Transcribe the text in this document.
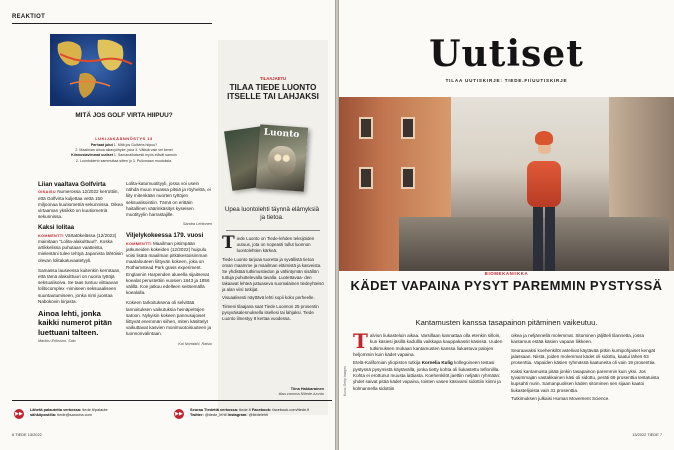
REAKTIOT
MITÄ JOS GOLF VIRTA HIIPUU?
LUKIJAKÄÄNNÖSTYS 13
Parhaat jutut 1. Mitä jos Golfvirta hiipuu?
2. Maailman ainoa aikavyöhyke, joka 3. Välisiä vain vei kenet
Kiinnostavimmat uutiset 1. Samanaikaisesti myös elävät samoin
2. Luontokierto sammuttaa sitten jo 3. Pullomaan muutoksia.
Liian vaaltava Golfvirta

OIKAISU Numerossa 12/2022 kerrottiin, että Golfvirta kuljettaa vettä 150 miljoonaa kuutiometriä sekunnissa. Oikea virtaaman yksikkö on kuutiometriä sekunnissa.

Kaksi lolitaa

KOMMENTTI Värtatökelässa (12/2022) mainitaan "Lolita-alakulttuuri". Koska artikkelissa puhutaan vaatteista, mielestäni tulee tehtyä Japanista lähtöisin olevan lolitakatuvaatetyyli.

Samassa lauseessa kuitenkin kerrotaan, että tämä alakulttuuri on nuoria tyttöjä seksualisoiva. Se taas tuntuu viittaavan lolitocomplex -nimiseen seksuaaliseen suuntautumiseen, jonka nimi juontaa Nabokovin kirjasta.

Ainoa lehti, jonka kaikki numerot pitän luettuani talteen.
Markku Eriksson, Salo

Lolita-katumuotityyli, jossa voi usein nähdä muun muassa pitsiä ja röyhelöä, ei liity mitenkään nuorten tyttöjen seksualisointiin. Tämä on erittäin haitallinen väärinkäsitys kyseisen muotityylin harrastajille.

Sandra Lehtonen
Viljelykokeessa 179. vuosi

KOMMENTTI Maailman pisimpään jatkuneiden kokeiden (12/2022) huipulu voisi lisätä maailman pitkäkestoisimman maatalouteen liittyvän kokeen, joka on Rothamstead Park grass experiment. Englannin Harpenden alueella sijaitsevat koealat perustettiin vuosien 1843 ja 1856 välillä. Koe jatkuu edelleen seitsemällä koealalla.

Kokeen tarkoituksena oli selvittää lannoituksen vaikutuksia heinäpeltojen satoon. Nykyisin kokeen pannusajoiset liittyvät enemmän siihen, miten käsittelyt vaikuttavat kasvien monimuotoisuuteen ja luonnonvalintaan.

Kai Norrdahl, Raisio
TILAAJAETU
TILAA TIEDE LUONTO ITSELLE TAI LAHJAKSI
Luonto
Upea luontolehti täynnä elämyksiä ja tietoa.

Tiede Luonto on Tiede-lehden teksijöiden uutuus, jota on nopeasti tullut luonnon luontolehtien kärkeä.

Tiede Luonto tarjoaa tuoretta ja syvällistä tietoa oman maamme ja maailman eläimistä ja kasveista. Se yhdistää tutkimustiedon ja vähintymän sisällön tuttuja puhuttelevalla tavalla. Luotettavaa- den takaavat lehteä juttuaseva suomalainen tiedeyhteisö ja alan viisi tutkijat.

Visuaalisesti näyttävä lehti sopii koko perheelle.

Tiimeni tilaajana saat Tiede Luonnon 25 prosentin pysyväisalennuksella itsellesi tai lahjaksi. Tiede Luonto ilmestyy 8 kertaa vuodessa.

Tiina Hakkarainen
tilaa zamma.fi/tiede-luonto
▶▶
Lähetä palautetta verkossa: tiede.fi/palaute
sähköpostilla: tiede@sanoma.com	▶▶
Seuraa Tiedettä verkossa: tiede.fi Facebook: facebook.com/tiede.fi
Twitter: @tiede_lehti Instagram: @tiedelehti
6 TIEDE 13/2022
Uutiset
TILAA UUTISKIRJE: TIEDE.FI/UUTISKIRJE
Kuva: Getty Images
BIOMEKANIIKKA
KÄDET VAPAINA PYSYT PAREMMIN PYSTYSSÄ
Kantamusten kanssa tasapainon pitäminen vaikeutuu.

Talvion liukasteluin aikaa. Varsillaan kannattaa olla etenkin silloin, kun käsiesi jäsillä kadullla vaikkapa kauppakassit käsissä. Uuden tutkimuksen mukaan kantamusten kanssa liukastuva palojen heljommin kuin kädet vapaina.

Etelä-Kalifornian yliopiston tutkija Kornelia Kulig kollegoineen testasi pystyssä pysymistä käytävällä, jonka tietty kohta oli liukastettu teflonillla. Kohta ei erottunut muusta lattiasta. Koehenkilöt jaettiin neljään ryhmään: yhdet saivat pitää kädet vapaina, toisten vasen käsivarsi sidottiin kiinni ja kolmannella sidottiin

oikea ja neljännellä molemmat. Sitominen jäljitteli tilannetta, jossa kantamus estää käsien vapaan liikkeen.

Seuraavaksi koehenkilöt astelivat käytävää pitkin kumipohjaiset kengät jalassaan. Niistä, joiden molemmat kädet oli sidottu, kaatui lähes 63 prosenttia. Vapaiden käsien ryhmässä kaatuneita oli vain 19 prosenttia.

Kaksi kantamusta pitää jonkin tasapainon paremmin kuin yksi. Jos tyvaimmajän vastakkainen käsi oli sidottu, peräti 69 prosenttia testatuista kupsahti nurin. Samanpuolisen käden sitominen sen sijaan kaatoi liukastelijoista vain 31 prosenttia.

Tutkimuksen julkaisi Human Movement Science.

13/2022 TIEDE 7
